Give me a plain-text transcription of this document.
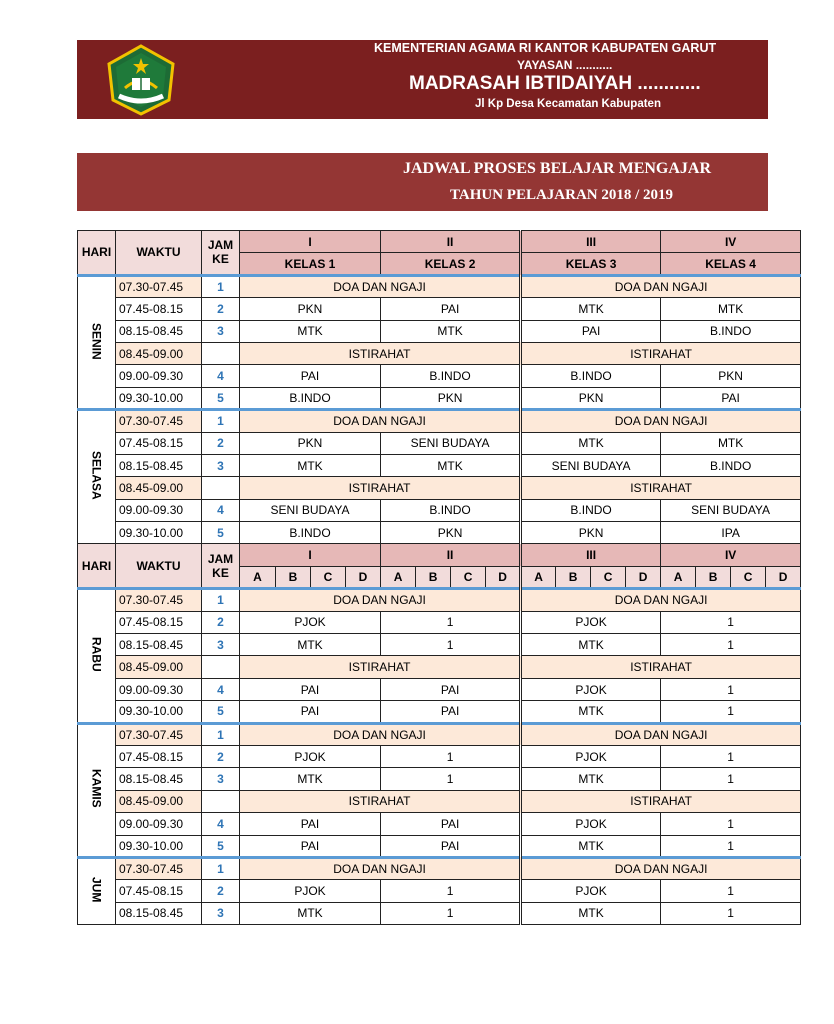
KEMENTERIAN AGAMA RI KANTOR KABUPATEN GARUT
YAYASAN ...........
MADRASAH IBTIDAIYAH ............
Jl Kp Desa Kecamatan Kabupaten
JADWAL PROSES BELAJAR MENGAJAR
TAHUN PELAJARAN 2018 / 2019
HARI	WAKTU	JAM KE	I				II				III				IV			
			KELAS 1				KELAS 2				KELAS 3				KELAS 4			
SENIN	07.30-07.45	1	DOA DAN NGAJI								DOA DAN NGAJI							
	07.45-08.15	2	PKN				PAI				MTK				MTK			
	08.15-08.45	3	MTK				MTK				PAI				B.INDO			
	08.45-09.00		ISTIRAHAT								ISTIRAHAT							
	09.00-09.30	4	PAI				B.INDO				B.INDO				PKN			
	09.30-10.00	5	B.INDO				PKN				PKN				PAI			
SELASA	07.30-07.45	1	DOA DAN NGAJI								DOA DAN NGAJI							
	07.45-08.15	2	PKN				SENI BUDAYA				MTK				MTK			
	08.15-08.45	3	MTK				MTK				SENI BUDAYA				B.INDO			
	08.45-09.00		ISTIRAHAT								ISTIRAHAT							
	09.00-09.30	4	SENI BUDAYA				B.INDO				B.INDO				SENI BUDAYA			
	09.30-10.00	5	B.INDO				PKN				PKN				IPA			
HARI	WAKTU	JAM KE	I				II				III				IV			
			A	B	C	D	A	B	C	D	A	B	C	D	A	B	C	D
RABU	07.30-07.45	1	DOA DAN NGAJI								DOA DAN NGAJI							
	07.45-08.15	2	PJOK				1				PJOK				1			
	08.15-08.45	3	MTK				1				MTK				1			
	08.45-09.00		ISTIRAHAT								ISTIRAHAT							
	09.00-09.30	4	PAI				PAI				PJOK				1			
	09.30-10.00	5	PAI				PAI				MTK				1			
KAMIS	07.30-07.45	1	DOA DAN NGAJI								DOA DAN NGAJI							
	07.45-08.15	2	PJOK				1				PJOK				1			
	08.15-08.45	3	MTK				1				MTK				1			
	08.45-09.00		ISTIRAHAT								ISTIRAHAT							
	09.00-09.30	4	PAI				PAI				PJOK				1			
	09.30-10.00	5	PAI				PAI				MTK				1			
JUM	07.30-07.45	1	DOA DAN NGAJI								DOA DAN NGAJI							
	07.45-08.15	2	PJOK				1				PJOK				1			
	08.15-08.45	3	MTK				1				MTK				1			
